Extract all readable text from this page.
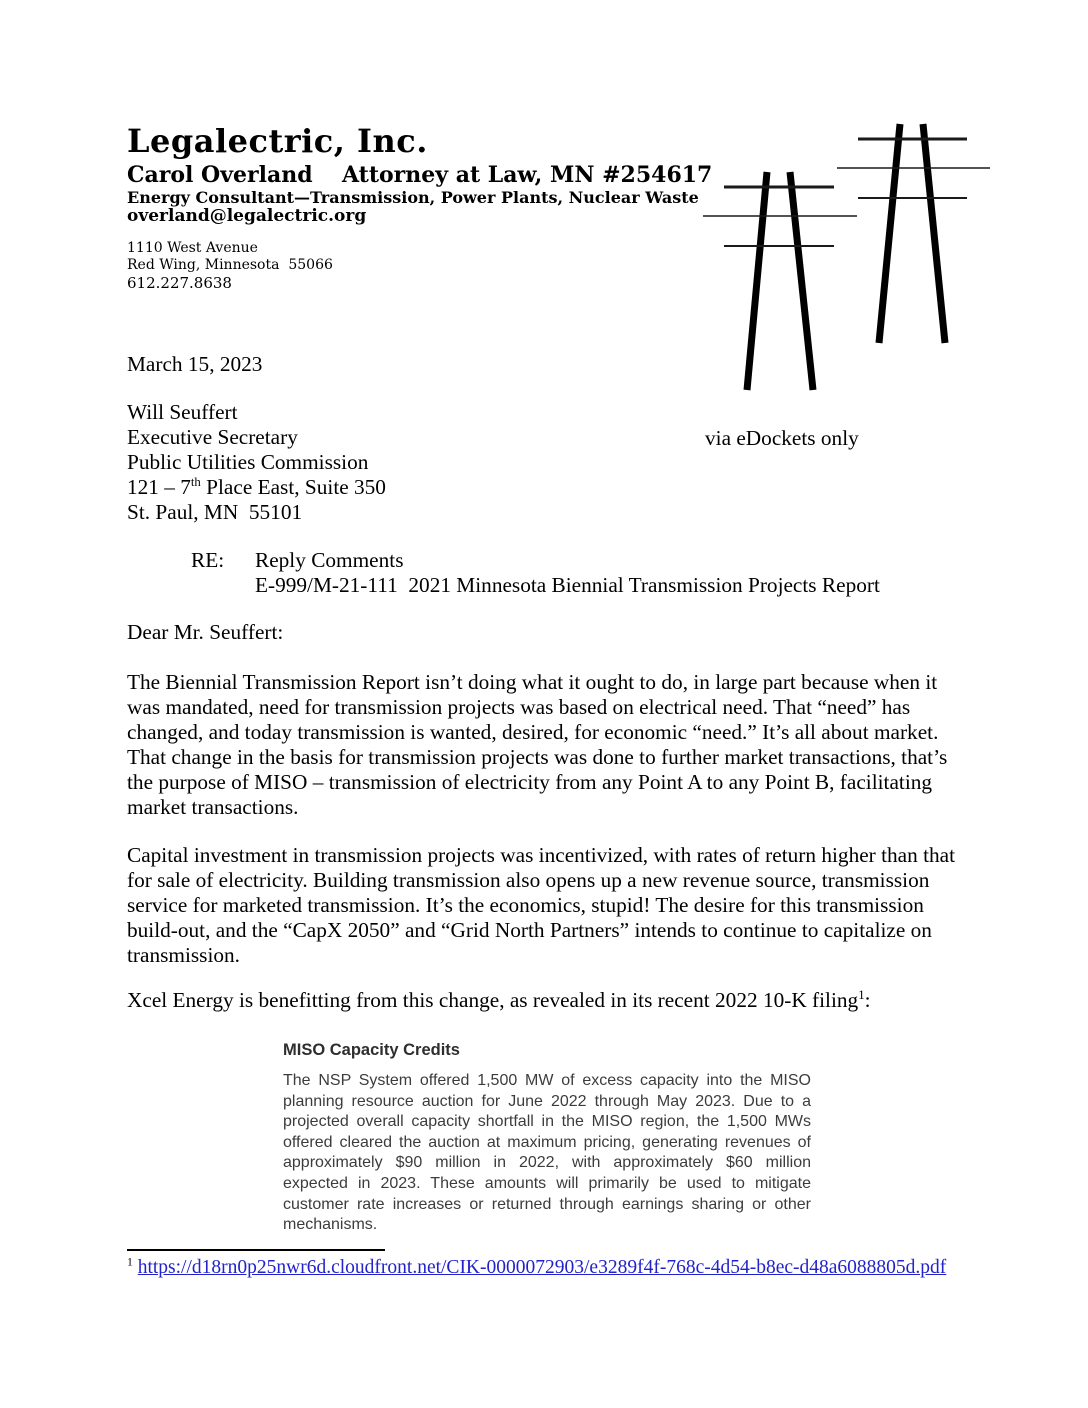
Legalectric, Inc.
Carol Overland Attorney at Law, MN #254617
Energy Consultant—Transmission, Power Plants, Nuclear Waste
overland@legalectric.org
1110 West Avenue
Red Wing, Minnesota  55066
612.227.8638
March 15, 2023
Will Seuffert
Executive Secretary
Public Utilities Commission
121 – 7th Place East, Suite 350
St. Paul, MN  55101
via eDockets only
RE:	Reply Comments
E-999/M-21-111  2021 Minnesota Biennial Transmission Projects Report
Dear Mr. Seuffert:

The Biennial Transmission Report isn’t doing what it ought to do, in large part because when it was mandated, need for transmission projects was based on electrical need. That “need” has changed, and today transmission is wanted, desired, for economic “need.” It’s all about market. That change in the basis for transmission projects was done to further market transactions, that’s the purpose of MISO – transmission of electricity from any Point A to any Point B, facilitating market transactions.

Capital investment in transmission projects was incentivized, with rates of return higher than that for sale of electricity. Building transmission also opens up a new revenue source, transmission service for marketed transmission. It’s the economics, stupid! The desire for this transmission build-out, and the “CapX 2050” and “Grid North Partners” intends to continue to capitalize on transmission.

Xcel Energy is benefitting from this change, as revealed in its recent 2022 10-K filing$^1$:

MISO Capacity Credits
The NSP System offered 1,500 MW of excess capacity into the MISO planning resource auction for June 2022 through May 2023. Due to a projected overall capacity shortfall in the MISO region, the 1,500 MWs offered cleared the auction at maximum pricing, generating revenues of approximately $90 million in 2022, with approximately $60 million expected in 2023. These amounts will primarily be used to mitigate customer rate increases or returned through earnings sharing or other mechanisms.
$^1$ https://d18rn0p25nwr6d.cloudfront.net/CIK-0000072903/e3289f4f-768c-4d54-b8ec-d48a6088805d.pdf
